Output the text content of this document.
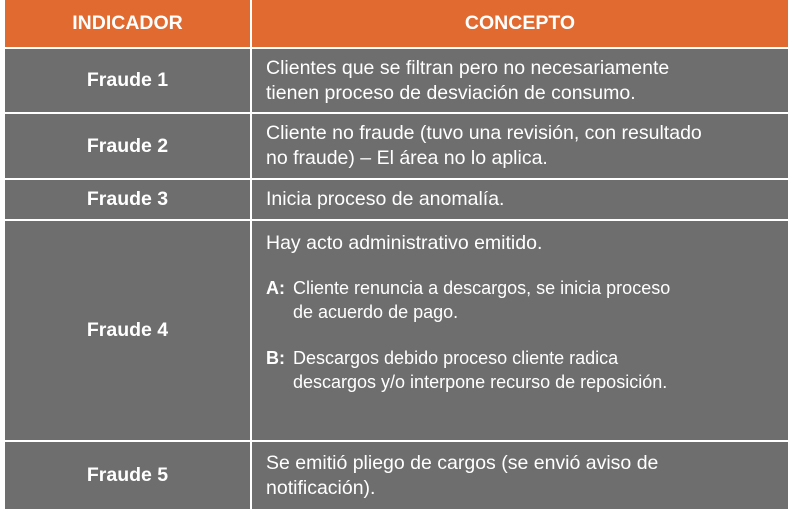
INDICADOR	CONCEPTO
Fraude 1
Clientes que se filtran pero no necesariamente
tienen proceso de desviación de consumo.
Fraude 2
Cliente no fraude (tuvo una revisión, con resultado
no fraude) – El área no lo aplica.
Fraude 3	Inicia proceso de anomalía.
Fraude 4
Hay acto administrativo emitido.
A: Cliente renuncia a descargos, se inicia proceso
de acuerdo de pago.
B: Descargos debido proceso cliente radica
descargos y/o interpone recurso de reposición.
Fraude 5
Se emitió pliego de cargos (se envió aviso de
notificación).
